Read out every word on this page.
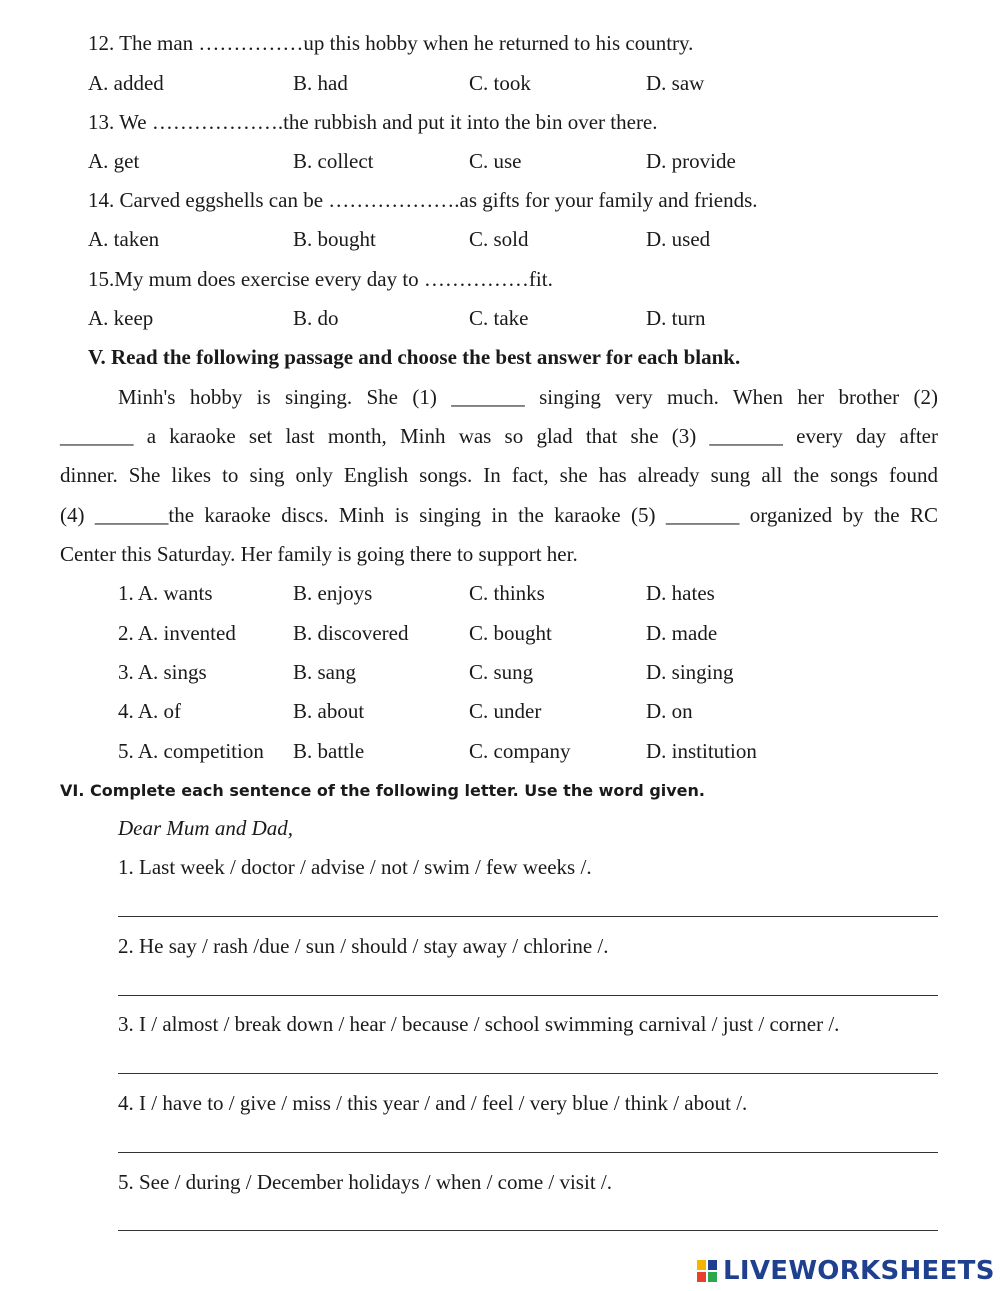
12. The man ……………up this hobby when he returned to his country.
A. added	B. had	C. took	D. saw
13. We ……………….the rubbish and put it into the bin over there.
A. get	B. collect	C. use	D. provide
14. Carved eggshells can be ……………….as gifts for your family and friends.
A. taken	B. bought	C. sold	D. used
15.My mum does exercise every day to ……………fit.
A. keep	B. do	C. take	D. turn
V. Read the following passage and choose the best answer for each blank.
Minh's hobby is singing. She (1) _______ singing very much. When her brother (2)
_______ a karaoke set last month, Minh was so glad that she (3) _______ every day after
dinner. She likes to sing only English songs. In fact, she has already sung all the songs found
(4) _______the karaoke discs. Minh is singing in the karaoke (5) _______ organized by the RC
Center this Saturday. Her family is going there to support her.
1. A. wants	B. enjoys	C. thinks	D. hates
2. A. invented	B. discovered	C. bought	D. made
3. A. sings	B. sang	C. sung	D. singing
4. A. of	B. about	C. under	D. on
5. A. competition B. battle	C. company	D. institution
VI. Complete each sentence of the following letter. Use the word given.
Dear Mum and Dad,
1. Last week / doctor / advise / not / swim / few weeks /.
2. He say / rash /due / sun / should / stay away / chlorine /.
3. I / almost / break down / hear / because / school swimming carnival / just / corner /.
4. I / have to / give / miss / this year / and / feel / very blue / think / about /.
5. See / during / December holidays / when / come / visit /.
LIVEWORKSHEETS
